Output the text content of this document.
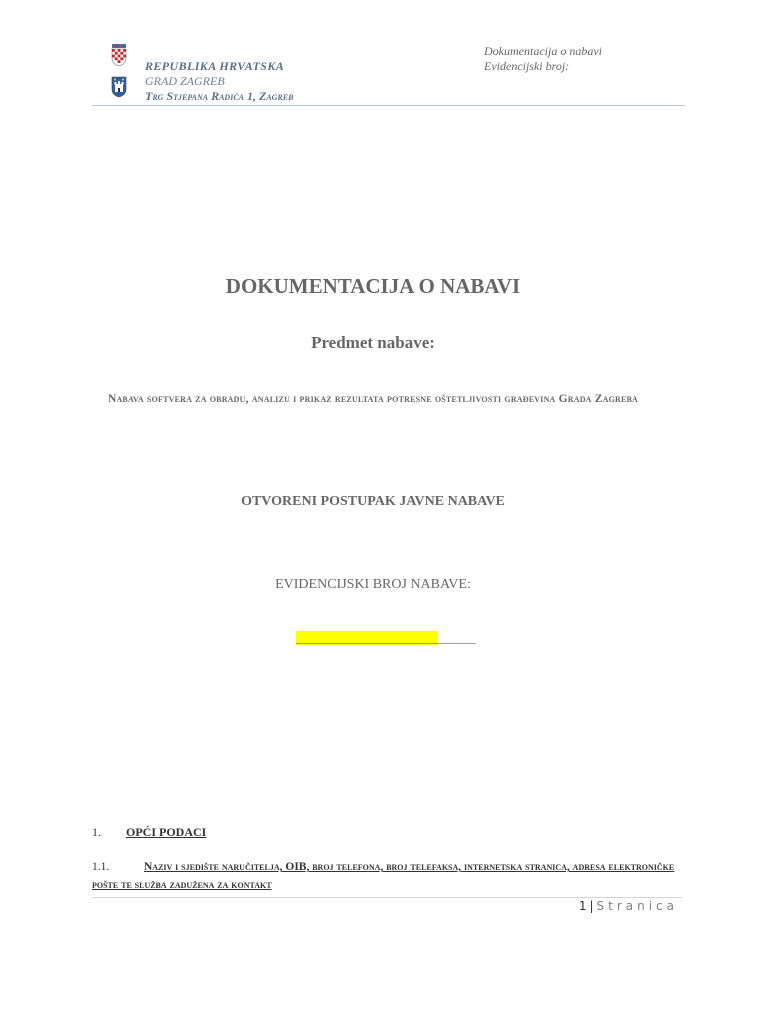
REPUBLIKA HRVATSKA
GRAD ZAGREB
Trg Stjepana Radića 1, Zagreb
Dokumentacija o nabavi
Evidencijski broj:
DOKUMENTACIJA O NABAVI
Predmet nabave:
Nabava softvera za obradu, analizu i prikaz rezultata potresne oštetljivosti građevina Grada Zagreba
OTVORENI POSTUPAK JAVNE NABAVE
EVIDENCIJSKI BROJ NABAVE:
______________________________
1. OPĆI PODACI
1.1.	Naziv i sjedište naručitelja, OIB, broj telefona, broj telefaksa, internetska stranica, adresa elektroničke pošte te služba zadužena za kontakt
1 | Stranica
